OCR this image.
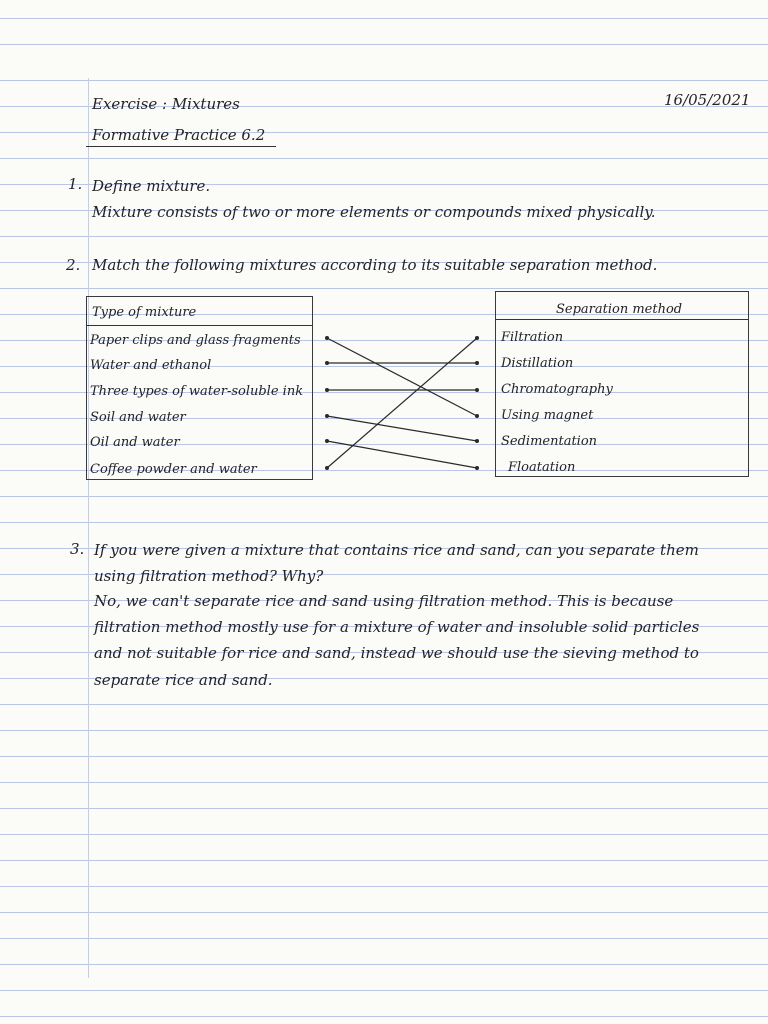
Exercise : Mixtures	16/05/2021
Formative Practice 6.2
1. Define mixture.
Mixture consists of two or more elements or compounds mixed physically.
2. Match the following mixtures according to its suitable separation method.
Type of mixture
Paper clips and glass fragments
Water and ethanol
Three types of water-soluble ink
Soil and water
Oil and water
Coffee powder and water
Separation method
Filtration
Distillation
Chromatography
Using magnet
Sedimentation
Floatation
3. If you were given a mixture that contains rice and sand, can you separate them
using filtration method? Why?
No, we can't separate rice and sand using filtration method. This is because
filtration method mostly use for a mixture of water and insoluble solid particles
and not suitable for rice and sand, instead we should use the sieving method to
separate rice and sand.
